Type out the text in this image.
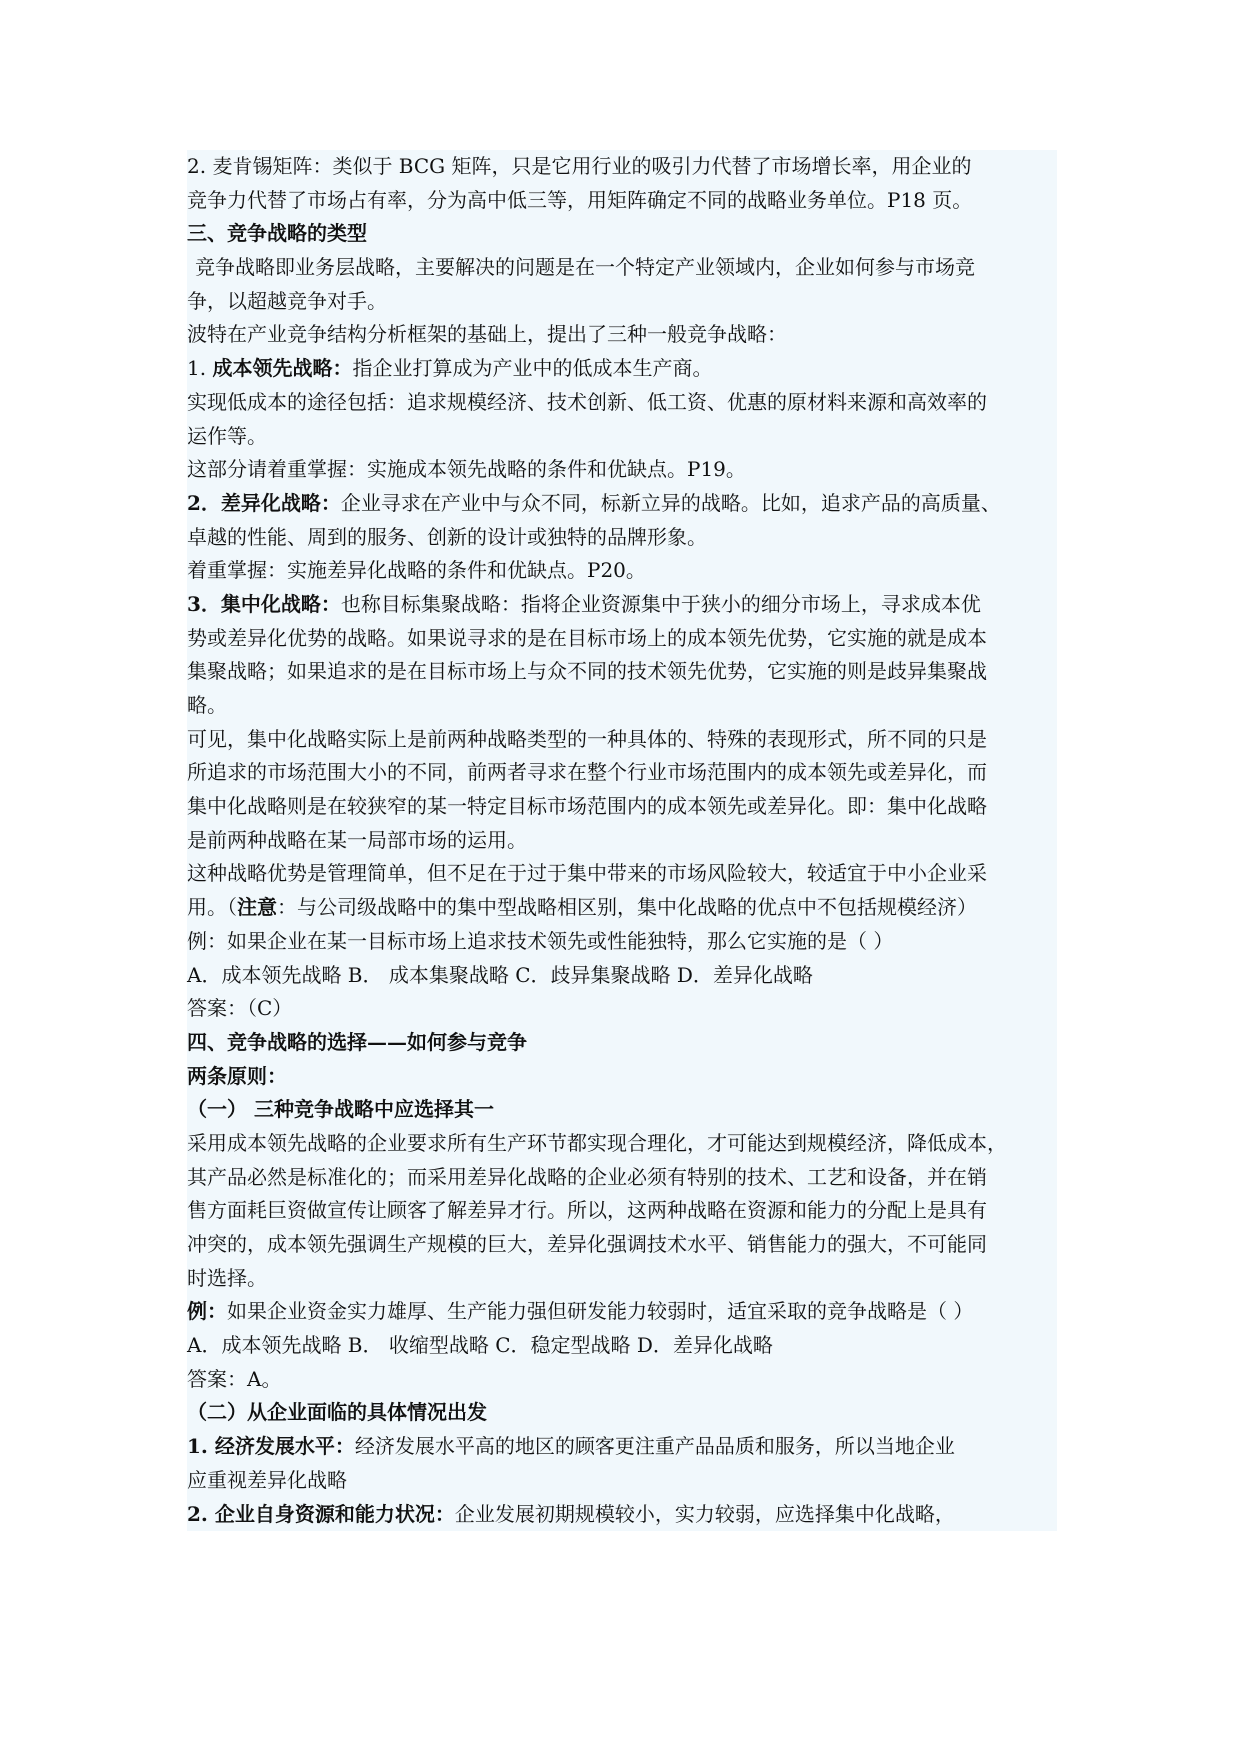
2. 麦肯锡矩阵：类似于 BCG 矩阵，只是它用行业的吸引力代替了市场增长率，用企业的
竞争力代替了市场占有率，分为高中低三等，用矩阵确定不同的战略业务单位。P18 页。
三、竞争战略的类型
竞争战略即业务层战略，主要解决的问题是在一个特定产业领域内，企业如何参与市场竞
争，以超越竞争对手。
波特在产业竞争结构分析框架的基础上，提出了三种一般竞争战略：
1. 成本领先战略：指企业打算成为产业中的低成本生产商。
实现低成本的途径包括：追求规模经济、技术创新、低工资、优惠的原材料来源和高效率的
运作等。
这部分请着重掌握：实施成本领先战略的条件和优缺点。P19。
2．差异化战略：企业寻求在产业中与众不同，标新立异的战略。比如，追求产品的高质量、
卓越的性能、周到的服务、创新的设计或独特的品牌形象。
着重掌握：实施差异化战略的条件和优缺点。P20。
3．集中化战略：也称目标集聚战略：指将企业资源集中于狭小的细分市场上，寻求成本优
势或差异化优势的战略。如果说寻求的是在目标市场上的成本领先优势，它实施的就是成本
集聚战略；如果追求的是在目标市场上与众不同的技术领先优势，它实施的则是歧异集聚战
略。
可见，集中化战略实际上是前两种战略类型的一种具体的、特殊的表现形式，所不同的只是
所追求的市场范围大小的不同，前两者寻求在整个行业市场范围内的成本领先或差异化，而
集中化战略则是在较狭窄的某一特定目标市场范围内的成本领先或差异化。即：集中化战略
是前两种战略在某一局部市场的运用。
这种战略优势是管理简单，但不足在于过于集中带来的市场风险较大，较适宜于中小企业采
用。（注意：与公司级战略中的集中型战略相区别，集中化战略的优点中不包括规模经济）
例：如果企业在某一目标市场上追求技术领先或性能独特，那么它实施的是（ ）
A．成本领先战略 B． 成本集聚战略 C．歧异集聚战略 D．差异化战略
答案：（C）
四、竞争战略的选择——如何参与竞争
两条原则：
（一） 三种竞争战略中应选择其一
采用成本领先战略的企业要求所有生产环节都实现合理化，才可能达到规模经济，降低成本，
其产品必然是标准化的；而采用差异化战略的企业必须有特别的技术、工艺和设备，并在销
售方面耗巨资做宣传让顾客了解差异才行。所以，这两种战略在资源和能力的分配上是具有
冲突的，成本领先强调生产规模的巨大，差异化强调技术水平、销售能力的强大，不可能同
时选择。
例：如果企业资金实力雄厚、生产能力强但研发能力较弱时，适宜采取的竞争战略是（ ）
A．成本领先战略 B． 收缩型战略 C．稳定型战略 D．差异化战略
答案：A。
（二）从企业面临的具体情况出发
1. 经济发展水平：经济发展水平高的地区的顾客更注重产品品质和服务，所以当地企业
应重视差异化战略
2. 企业自身资源和能力状况：企业发展初期规模较小，实力较弱，应选择集中化战略，
